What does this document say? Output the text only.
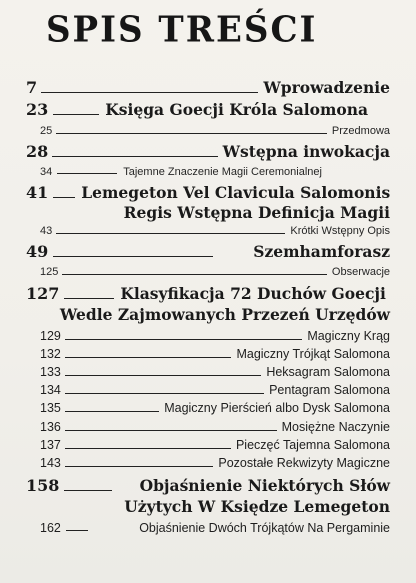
SPIS TREŚCI
7	Wprowadzenie
23	Księga Goecji Króla Salomona
25	Przedmowa
28	Wstępna inwokacja
34	Tajemne Znaczenie Magii Ceremonialnej
41 Lemegeton Vel Clavicula Salomonis
Regis Wstępna Definicja Magii
43	Krótki Wstępny Opis
49	Szemhamforasz
125	Obserwacje
127	Klasyfikacja 72 Duchów Goecji
Wedle Zajmowanych Przezeń Urzędów
129	Magiczny Krąg
132	Magiczny Trójkąt Salomona
133	Heksagram Salomona
134	Pentagram Salomona
135	Magiczny Pierścień albo Dysk Salomona
136	Mosiężne Naczynie
137	Pieczęć Tajemna Salomona
143	Pozostałe Rekwizyty Magiczne
158	Objaśnienie Niektórych Słów
Użytych W Księdze Lemegeton
162	Objaśnienie Dwóch Trójkątów Na Pergaminie
